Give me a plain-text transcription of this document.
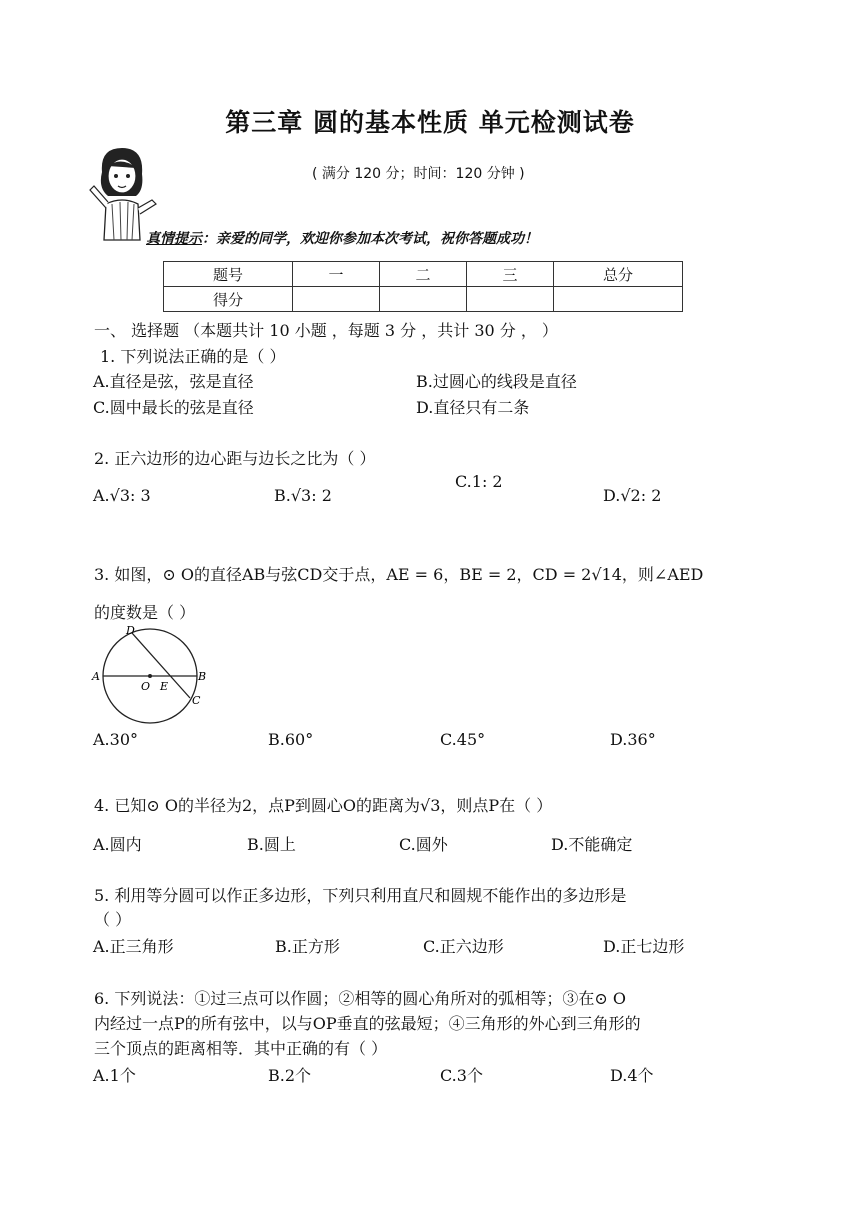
第三章 圆的基本性质 单元检测试卷
( 满分 120 分；时间：120 分钟 )
真情提示：亲爱的同学，欢迎你参加本次考试，祝你答题成功！
题号	一	二	三	总分
得分				
一、 选择题 （本题共计 10 小题 ，每题 3 分 ，共计 30 分 ， ）
1. 下列说法正确的是（ ）
A.直径是弦，弦是直径	B.过圆心的线段是直径
C.圆中最长的弦是直径	D.直径只有二条
2. 正六边形的边心距与边长之比为（ ）
A.√3: 3	B.√3: 2
C.1: 2
D.√2: 2
3. 如图，⊙ O的直径AB与弦CD交于点，AE = 6，BE = 2，CD = 2√14，则∠AED
的度数是（ ）
A	B
C
D
O E
A.30°	B.60°	C.45°	D.36°
4. 已知⊙ O的半径为2，点P到圆心O的距离为√3，则点P在（ ）
A.圆内	B.圆上	C.圆外	D.不能确定
5. 利用等分圆可以作正多边形，下列只利用直尺和圆规不能作出的多边形是
（ ）
A.正三角形	B.正方形	C.正六边形	D.正七边形
6. 下列说法：①过三点可以作圆；②相等的圆心角所对的弧相等；③在⊙ O
内经过一点P的所有弦中，以与OP垂直的弦最短；④三角形的外心到三角形的
三个顶点的距离相等．其中正确的有（ ）
A.1个	B.2个	C.3个	D.4个
